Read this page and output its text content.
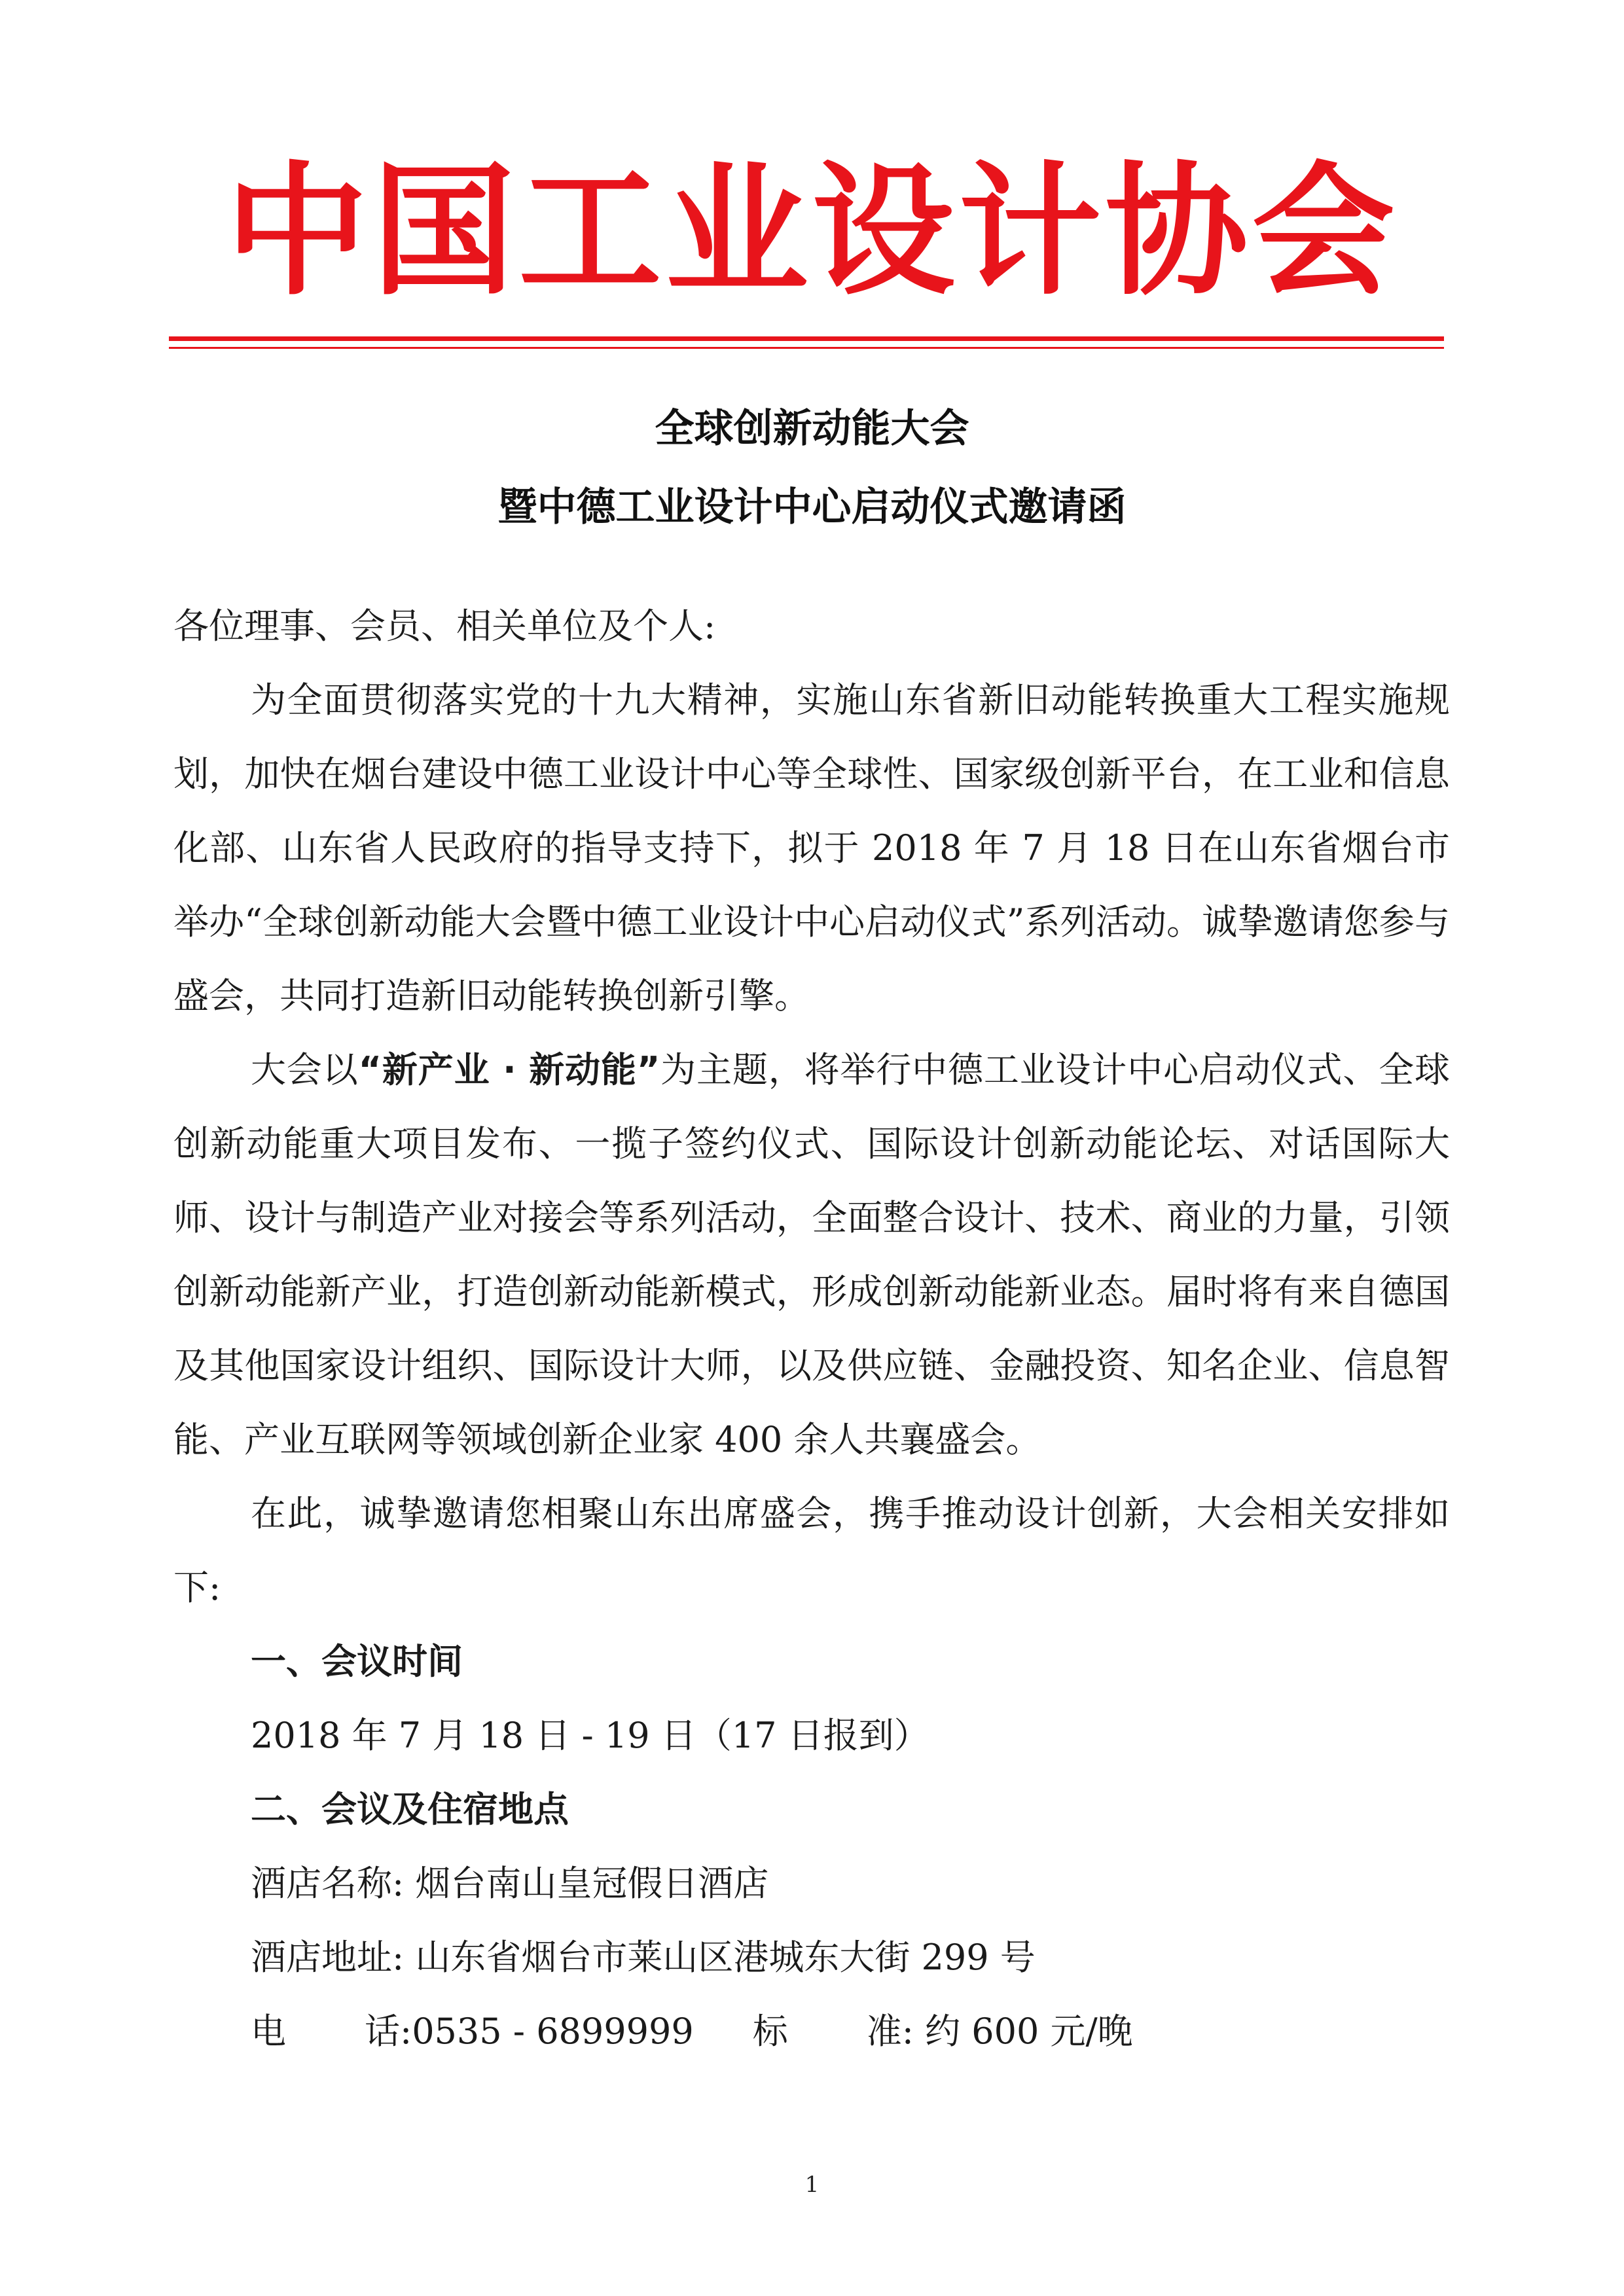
中国工业设计协会
全球创新动能大会
暨中德工业设计中心启动仪式邀请函

各位理事、会员、相关单位及个人:

为全面贯彻落实党的十九大精神，实施山东省新旧动能转换重大工程实施规划，加快在烟台建设中德工业设计中心等全球性、国家级创新平台，在工业和信息化部、山东省人民政府的指导支持下，拟于 2018 年 7 月 18 日在山东省烟台市举办“全球创新动能大会暨中德工业设计中心启动仪式”系列活动。诚挚邀请您参与盛会，共同打造新旧动能转换创新引擎。

大会以“新产业 · 新动能”为主题，将举行中德工业设计中心启动仪式、全球创新动能重大项目发布、一揽子签约仪式、国际设计创新动能论坛、对话国际大师、设计与制造产业对接会等系列活动，全面整合设计、技术、商业的力量，引领创新动能新产业，打造创新动能新模式，形成创新动能新业态。届时将有来自德国及其他国家设计组织、国际设计大师，以及供应链、金融投资、知名企业、信息智能、产业互联网等领域创新企业家 400 余人共襄盛会。

在此，诚挚邀请您相聚山东出席盛会，携手推动设计创新，大会相关安排如下:

一、会议时间

2018 年 7 月 18 日 - 19 日（17 日报到）

二、会议及住宿地点

酒店名称: 烟台南山皇冠假日酒店

酒店地址: 山东省烟台市莱山区港城东大街 299 号

电 话:0535 - 6899999 标 准: 约 600 元/晚

1
